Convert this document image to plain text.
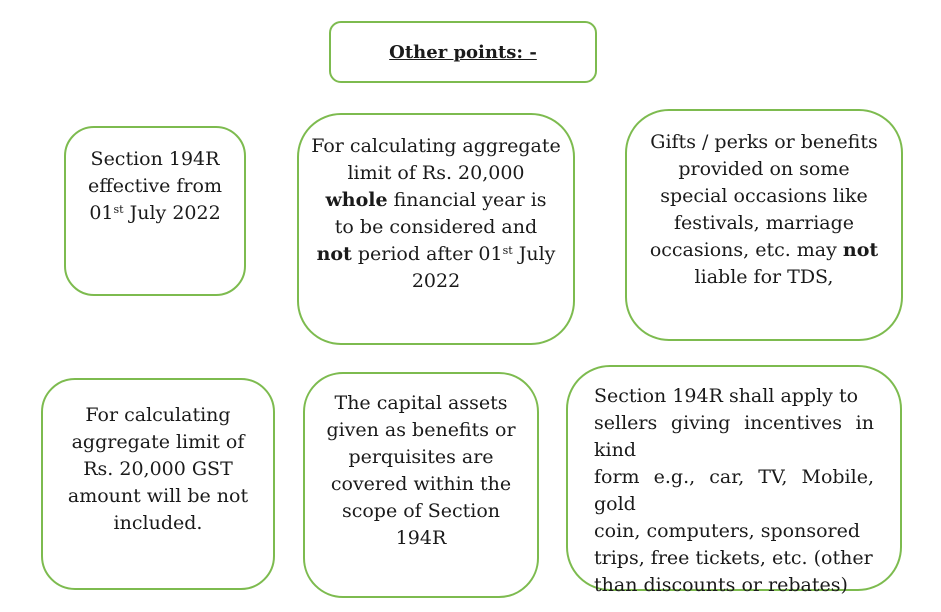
Other points: -
Section 194R
effective from
01st July 2022
For calculating aggregate
limit of Rs. 20,000
whole financial year is
to be considered and
not period after 01st July
2022
Gifts / perks or benefits
provided on some
special occasions like
festivals, marriage
occasions, etc. may not
liable for TDS,
For calculating
aggregate limit of
Rs. 20,000 GST
amount will be not
included.
The capital assets
given as benefits or
perquisites are
covered within the
scope of Section
194R
Section 194R shall apply to
sellers giving incentives in kind
form e.g., car, TV, Mobile, gold
coin, computers, sponsored
trips, free tickets, etc. (other
than discounts or rebates)
